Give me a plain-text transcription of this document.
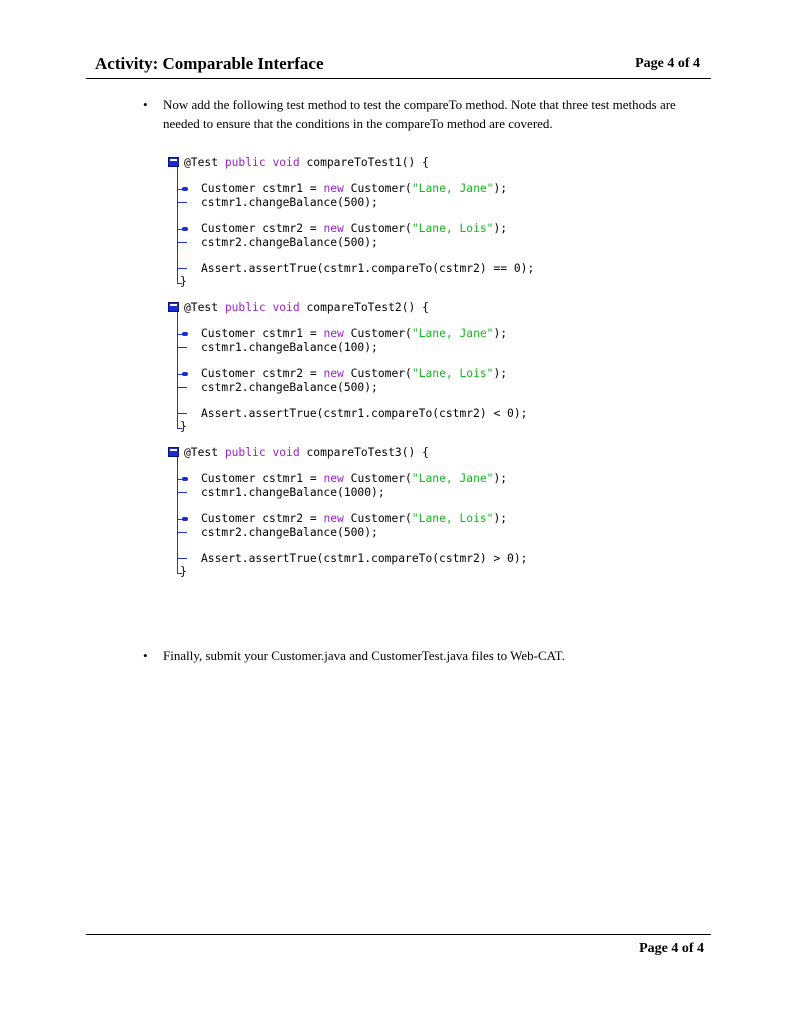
Activity: Comparable Interface	Page 4 of 4
• Now add the following test method to test the compareTo method. Note that three test methods are needed to ensure that the conditions in the compareTo method are covered.
@Test public void compareToTest1() {
Customer cstmr1 = new Customer("Lane, Jane");
cstmr1.changeBalance(500);
Customer cstmr2 = new Customer("Lane, Lois");
cstmr2.changeBalance(500);
Assert.assertTrue(cstmr1.compareTo(cstmr2) == 0);
}
@Test public void compareToTest2() {
Customer cstmr1 = new Customer("Lane, Jane");
cstmr1.changeBalance(100);
Customer cstmr2 = new Customer("Lane, Lois");
cstmr2.changeBalance(500);
Assert.assertTrue(cstmr1.compareTo(cstmr2) < 0);
}
@Test public void compareToTest3() {
Customer cstmr1 = new Customer("Lane, Jane");
cstmr1.changeBalance(1000);
Customer cstmr2 = new Customer("Lane, Lois");
cstmr2.changeBalance(500);
Assert.assertTrue(cstmr1.compareTo(cstmr2) > 0);
}
• Finally, submit your Customer.java and CustomerTest.java files to Web-CAT.
Page 4 of 4
